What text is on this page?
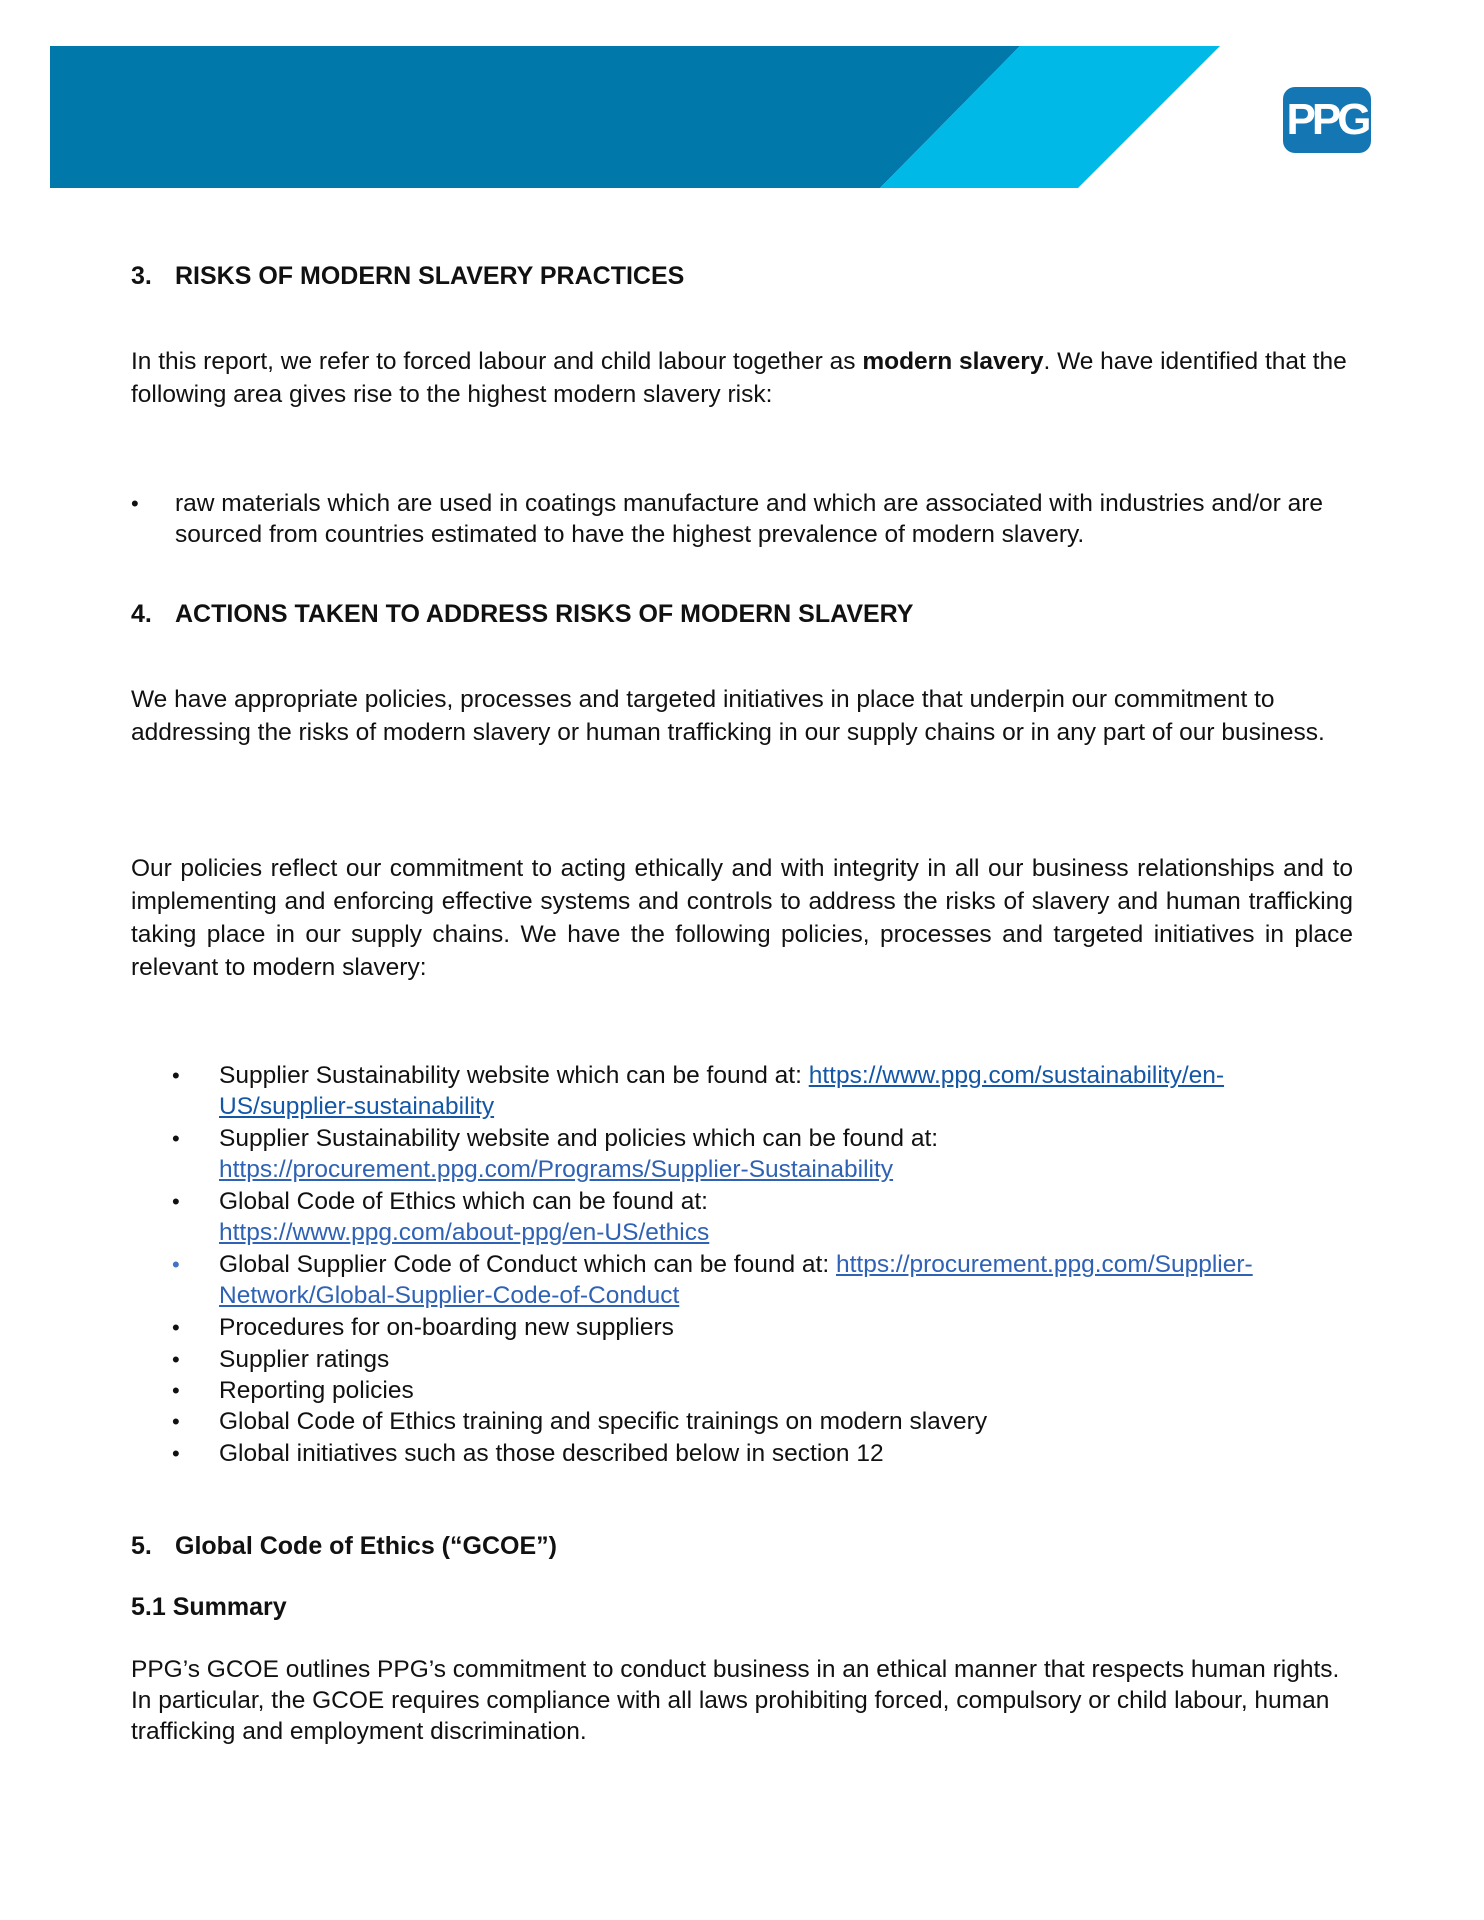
PPG
3. RISKS OF MODERN SLAVERY PRACTICES
In this report, we refer to forced labour and child labour together as modern slavery. We have identified that the following area gives rise to the highest modern slavery risk:
• raw materials which are used in coatings manufacture and which are associated with industries and/or are sourced from countries estimated to have the highest prevalence of modern slavery.
4. ACTIONS TAKEN TO ADDRESS RISKS OF MODERN SLAVERY
We have appropriate policies, processes and targeted initiatives in place that underpin our commitment to addressing the risks of modern slavery or human trafficking in our supply chains or in any part of our business.
Our policies reflect our commitment to acting ethically and with integrity in all our business relationships and to implementing and enforcing effective systems and controls to address the risks of slavery and human trafficking taking place in our supply chains. We have the following policies, processes and targeted initiatives in place relevant to modern slavery:
• Supplier Sustainability website which can be found at: https://www.ppg.com/sustainability/en-US/supplier-sustainability
• Supplier Sustainability website and policies which can be found at:
https://procurement.ppg.com/Programs/Supplier-Sustainability
• Global Code of Ethics which can be found at:
https://www.ppg.com/about-ppg/en-US/ethics
• Global Supplier Code of Conduct which can be found at: https://procurement.ppg.com/Supplier-Network/Global-Supplier-Code-of-Conduct
• Procedures for on-boarding new suppliers
• Supplier ratings
• Reporting policies
• Global Code of Ethics training and specific trainings on modern slavery
• Global initiatives such as those described below in section 12
5. Global Code of Ethics (“GCOE”)
5.1 Summary
PPG’s GCOE outlines PPG’s commitment to conduct business in an ethical manner that respects human rights. In particular, the GCOE requires compliance with all laws prohibiting forced, compulsory or child labour, human trafficking and employment discrimination.
